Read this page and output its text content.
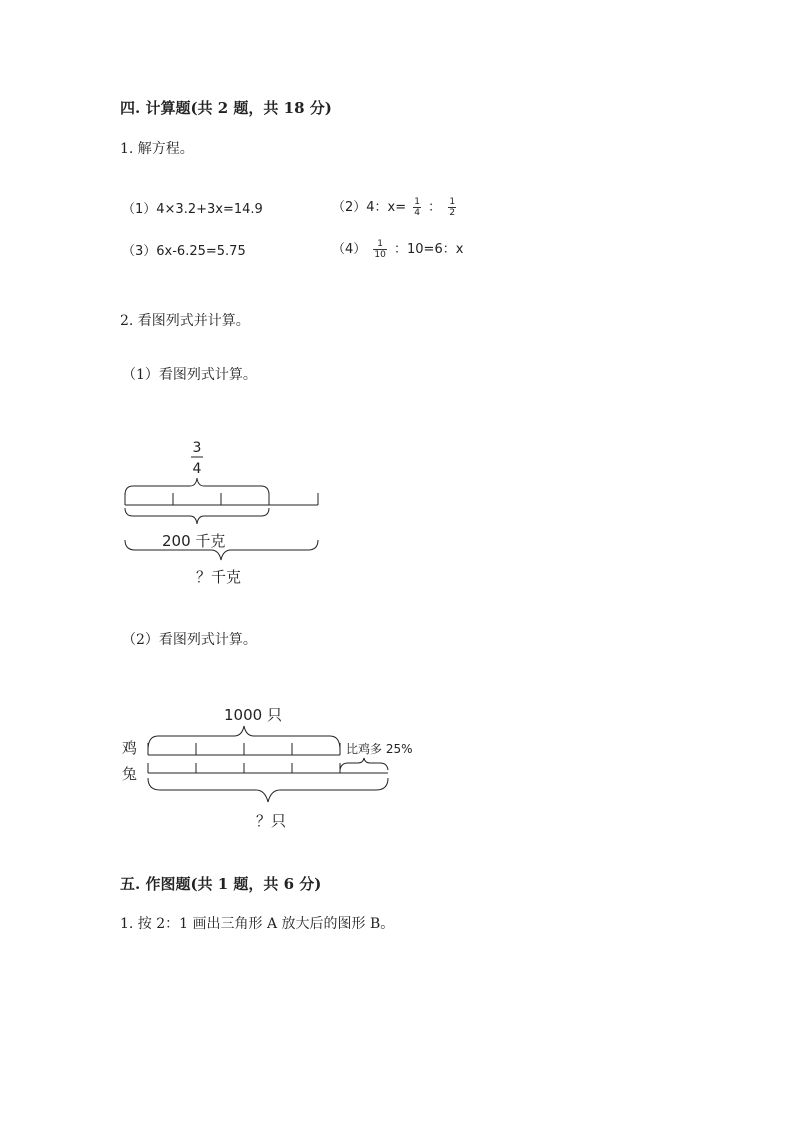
四. 计算题(共 2 题，共 18 分)
1. 解方程。
（1）4×3.2+3x=14.9	（2）4：$x= \frac{1}{4}$ ： $\frac{1}{2}$
（3）6x-6.25=5.75	$(4) \frac{1}{10}$ ：10=6：x
2. 看图列式并计算。
（1）看图列式计算。
3
4
200 千克
？千克
1000 只
鸡	比鸡多 25%
兔
？只
（2）看图列式计算。
五. 作图题(共 1 题，共 6 分)
1. 按 2：1 画出三角形 A 放大后的图形 B。
